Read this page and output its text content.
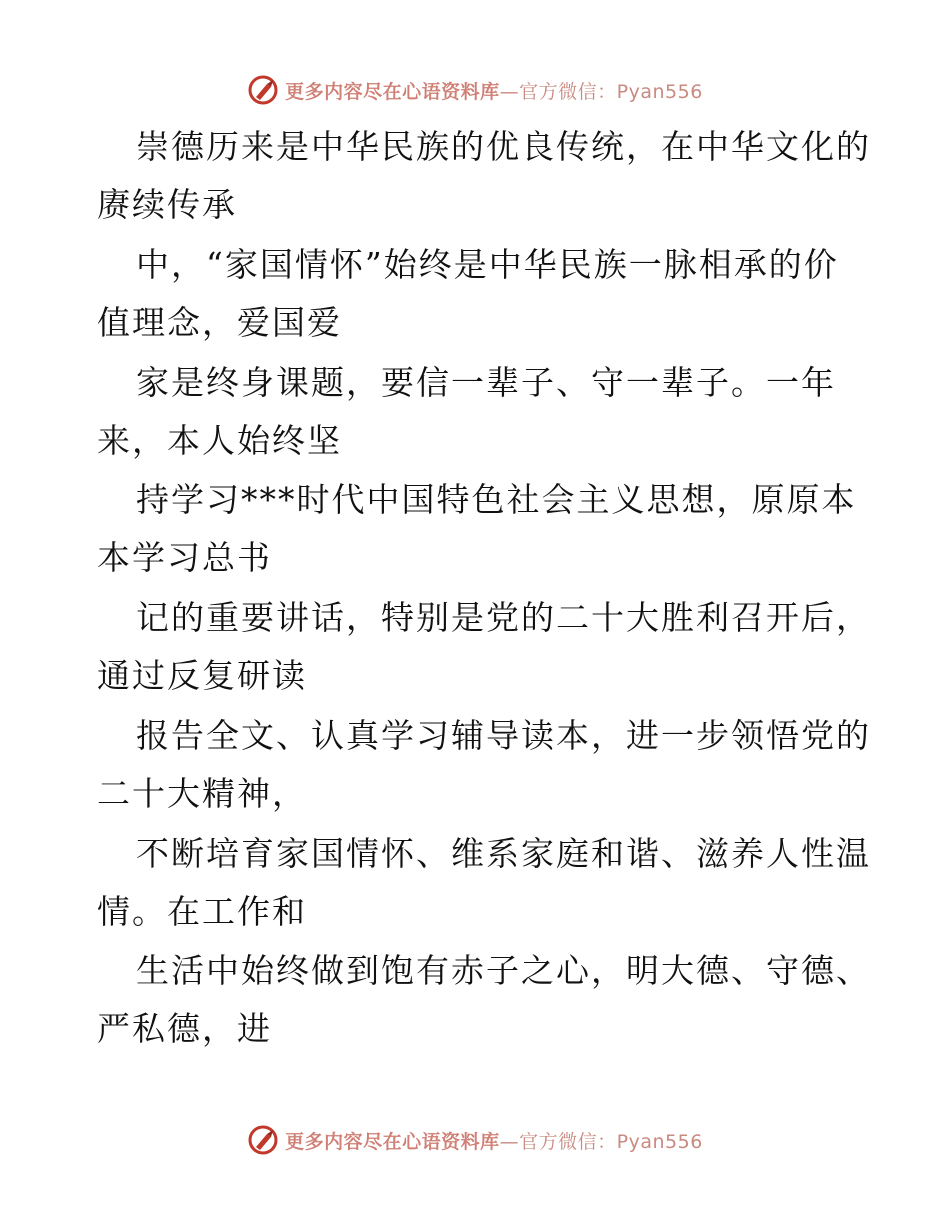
更多内容尽在心语资料库—官方微信：Pyan556
崇德历来是中华民族的优良传统，在中华文化的
赓续传承
中，“家国情怀”始终是中华民族一脉相承的价
值理念，爱国爱
家是终身课题，要信一辈子、守一辈子。一年
来，本人始终坚
持学习***时代中国特色社会主义思想，原原本
本学习总书
记的重要讲话，特别是党的二十大胜利召开后，
通过反复研读
报告全文、认真学习辅导读本，进一步领悟党的
二十大精神，
不断培育家国情怀、维系家庭和谐、滋养人性温
情。在工作和
生活中始终做到饱有赤子之心，明大德、守德、
严私德，进
更多内容尽在心语资料库—官方微信：Pyan556
